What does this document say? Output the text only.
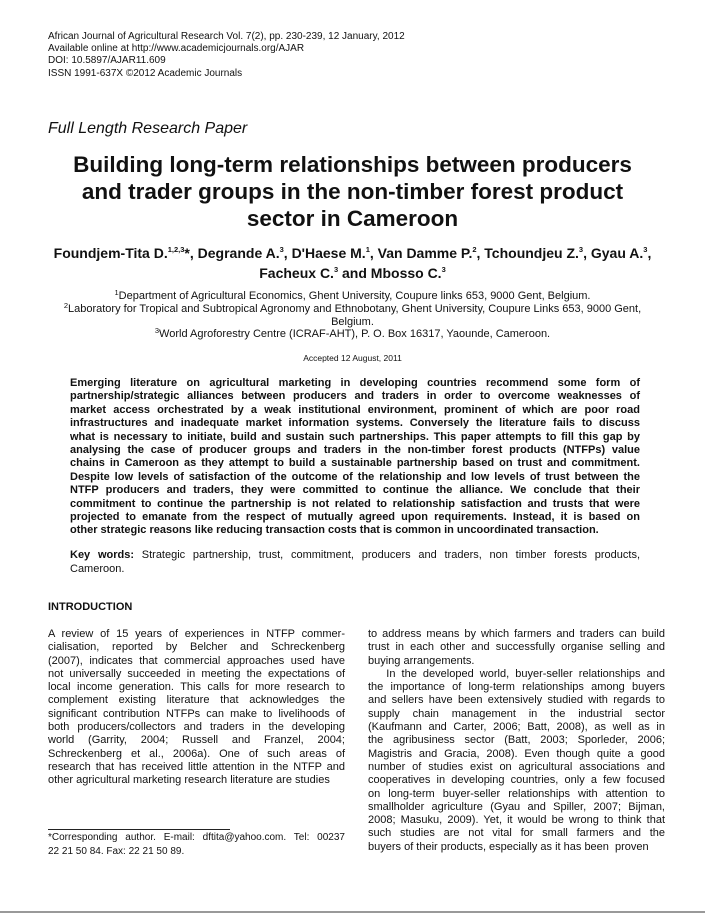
African Journal of Agricultural Research Vol. 7(2), pp. 230-239, 12 January, 2012
Available online at http://www.academicjournals.org/AJAR
DOI: 10.5897/AJAR11.609
ISSN 1991-637X ©2012 Academic Journals
Full Length Research Paper
Building long-term relationships between producers
and trader groups in the non-timber forest product
sector in Cameroon
Foundjem-Tita D.$^{1,2,3}$*, Degrande A.$^3$, D'Haese M.$^1$, Van Damme P.$^2$, Tchoundjeu Z.$^3$, Gyau A.$^3$,
Facheux C.$^3$ and Mbosso C.$^3$
$^1$Department of Agricultural Economics, Ghent University, Coupure links 653, 9000 Gent, Belgium.
$^2$Laboratory for Tropical and Subtropical Agronomy and Ethnobotany, Ghent University, Coupure Links 653, 9000 Gent,
Belgium.
$^3$World Agroforestry Centre (ICRAF-AHT), P. O. Box 16317, Yaounde, Cameroon.
Accepted 12 August, 2011
Emerging literature on agricultural marketing in developing countries recommend some form of
partnership/strategic alliances between producers and traders in order to overcome weaknesses of
market access orchestrated by a weak institutional environment, prominent of which are poor road
infrastructures and inadequate market information systems. Conversely the literature fails to discuss
what is necessary to initiate, build and sustain such partnerships. This paper attempts to fill this gap by
analysing the case of producer groups and traders in the non-timber forest products (NTFPs) value
chains in Cameroon as they attempt to build a sustainable partnership based on trust and commitment.
Despite low levels of satisfaction of the outcome of the relationship and low levels of trust between the
NTFP producers and traders, they were committed to continue the alliance. We conclude that their
commitment to continue the partnership is not related to relationship satisfaction and trusts that were
projected to emanate from the respect of mutually agreed upon requirements. Instead, it is based on
other strategic reasons like reducing transaction costs that is common in uncoordinated transaction.
Key words: Strategic partnership, trust, commitment, producers and traders, non timber forests products,
Cameroon.
INTRODUCTION
A review of 15 years of experiences in NTFP commer-
cialisation, reported by Belcher and Schreckenberg
(2007), indicates that commercial approaches used have
not universally succeeded in meeting the expectations of
local income generation. This calls for more research to
complement existing literature that acknowledges the
significant contribution NTFPs can make to livelihoods of
both producers/collectors and traders in the developing
world (Garrity, 2004; Russell and Franzel, 2004;
Schreckenberg et al., 2006a). One of such areas of
research that has received little attention in the NTFP and
other agricultural marketing research literature are studies
to address means by which farmers and traders can build
trust in each other and successfully organise selling and
buying arrangements.
In the developed world, buyer-seller relationships and
the importance of long-term relationships among buyers
and sellers have been extensively studied with regards to
supply chain management in the industrial sector
(Kaufmann and Carter, 2006; Batt, 2008), as well as in
the agribusiness sector (Batt, 2003; Sporleder, 2006;
Magistris and Gracia, 2008). Even though quite a good
number of studies exist on agricultural associations and
cooperatives in developing countries, only a few focused
on long-term buyer-seller relationships with attention to
smallholder agriculture (Gyau and Spiller, 2007; Bijman,
2008; Masuku, 2009). Yet, it would be wrong to think that
such studies are not vital for small farmers and the
buyers of their products, especially as it has been  proven
*Corresponding author. E-mail: dftita@yahoo.com. Tel: 00237
22 21 50 84. Fax: 22 21 50 89.
